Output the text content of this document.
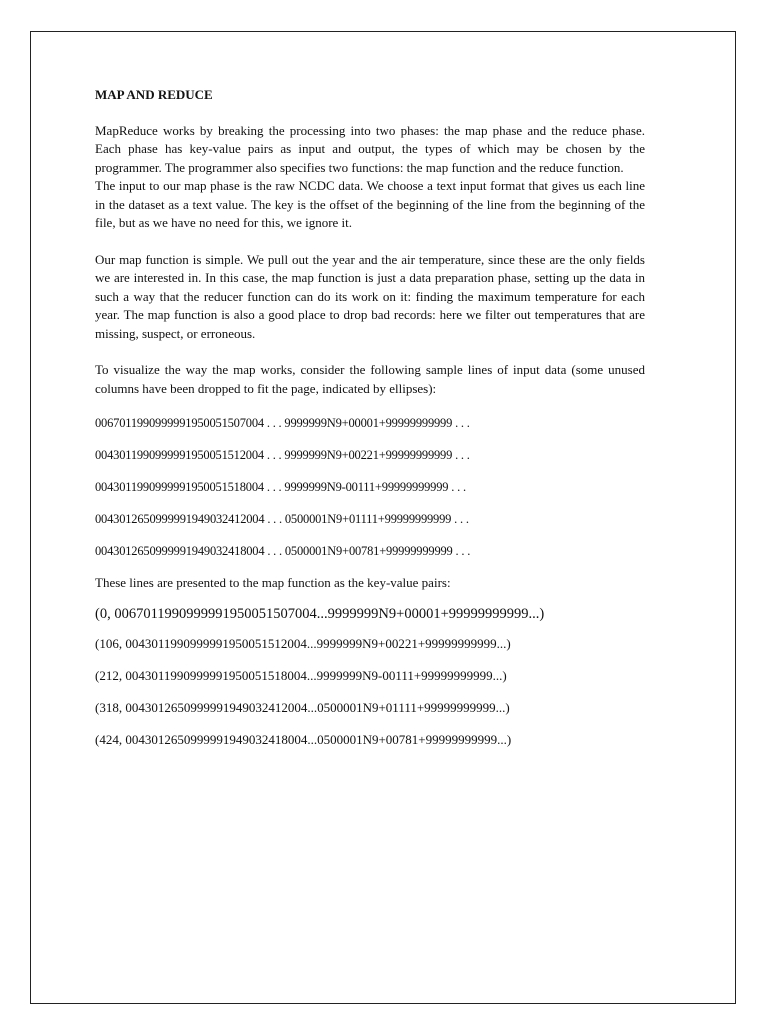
MAP AND REDUCE

MapReduce works by breaking the processing into two phases: the map phase and the reduce phase. Each phase has key-value pairs as input and output, the types of which may be chosen by the programmer. The programmer also specifies two functions: the map function and the reduce function.

The input to our map phase is the raw NCDC data. We choose a text input format that gives us each line in the dataset as a text value. The key is the offset of the beginning of the line from the beginning of the file, but as we have no need for this, we ignore it.

Our map function is simple. We pull out the year and the air temperature, since these are the only fields we are interested in. In this case, the map function is just a data preparation phase, setting up the data in such a way that the reducer function can do its work on it: finding the maximum temperature for each year. The map function is also a good place to drop bad records: here we filter out temperatures that are missing, suspect, or erroneous.

To visualize the way the map works, consider the following sample lines of input data (some unused columns have been dropped to fit the page, indicated by ellipses):

0067011990999991950051507004 . . . 9999999N9+00001+99999999999 . . .
0043011990999991950051512004 . . . 9999999N9+00221+99999999999 . . .
0043011990999991950051518004 . . . 9999999N9-00111+99999999999 . . .
0043012650999991949032412004 . . . 0500001N9+01111+99999999999 . . .
0043012650999991949032418004 . . . 0500001N9+00781+99999999999 . . .

These lines are presented to the map function as the key-value pairs:

(0, 0067011990999991950051507004...9999999N9+00001+99999999999...)
(106, 0043011990999991950051512004...9999999N9+00221+99999999999...)
(212, 0043011990999991950051518004...9999999N9-00111+99999999999...)
(318, 0043012650999991949032412004...0500001N9+01111+99999999999...)
(424, 0043012650999991949032418004...0500001N9+00781+99999999999...)
